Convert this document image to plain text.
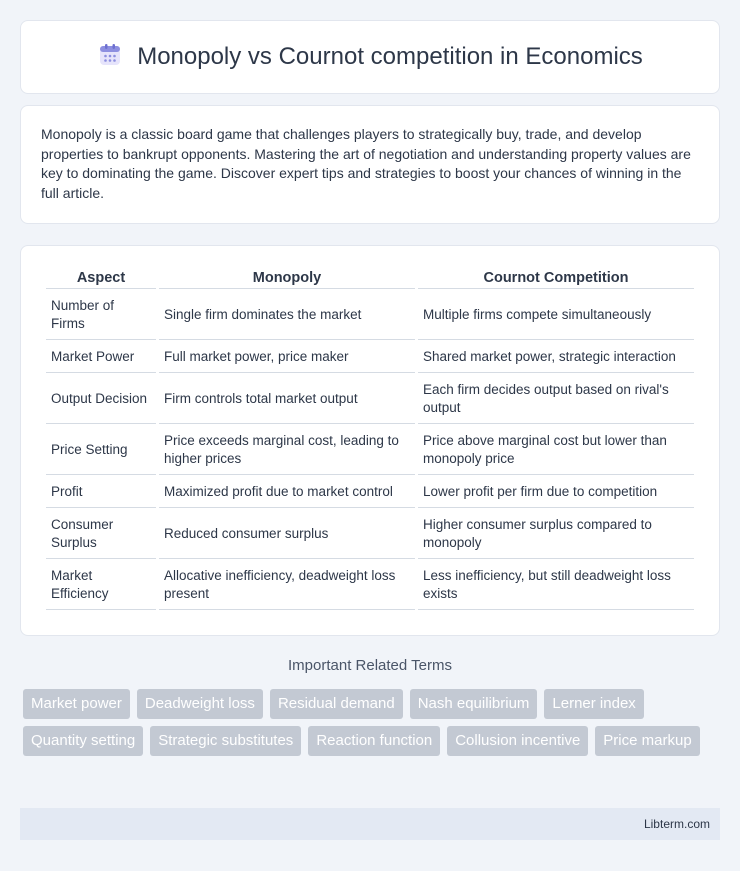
Monopoly vs Cournot competition in Economics

Monopoly is a classic board game that challenges players to strategically buy, trade, and develop properties to bankrupt opponents. Mastering the art of negotiation and understanding property values are key to dominating the game. Discover expert tips and strategies to boost your chances of winning in the full article.

Aspect	Monopoly	Cournot Competition
Number of Firms	Single firm dominates the market	Multiple firms compete simultaneously
Market Power	Full market power, price maker	Shared market power, strategic interaction
Output Decision	Firm controls total market output	Each firm decides output based on rival's output
Price Setting	Price exceeds marginal cost, leading to higher prices	Price above marginal cost but lower than monopoly price
Profit	Maximized profit due to market control	Lower profit per firm due to competition
Consumer Surplus	Reduced consumer surplus	Higher consumer surplus compared to monopoly
Market Efficiency	Allocative inefficiency, deadweight loss present	Less inefficiency, but still deadweight loss exists
Important Related Terms
Market power	Deadweight loss	Residual demand	Nash equilibrium	Lerner index
Quantity setting	Strategic substitutes	Reaction function	Collusion incentive	Price markup
Libterm.com
